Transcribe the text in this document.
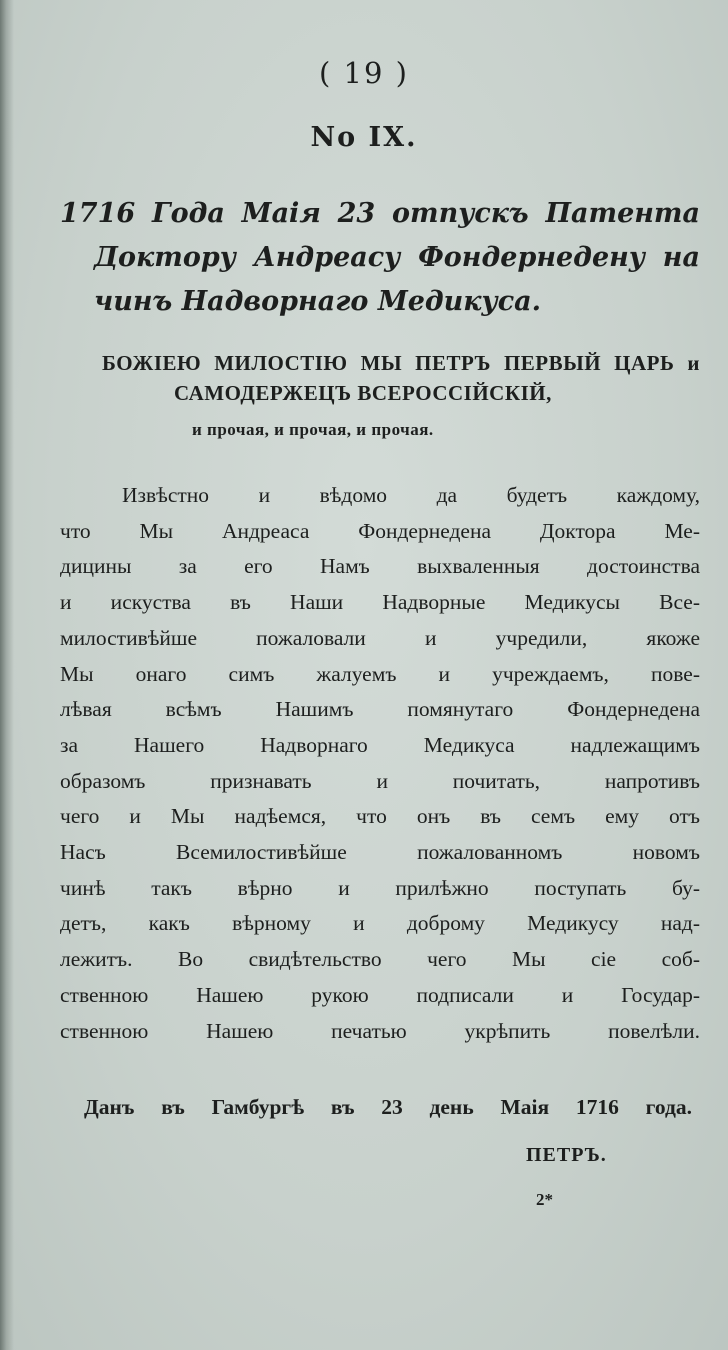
( 19 )
No IX.
1716 Года Маія 23 отпускъ Патента
Доктору Андреасу Фондернедену на
чинъ Надворнаго Медикуса.
БОЖІЕЮ МИЛОСТІЮ МЫ ПЕТРЪ ПЕРВЫЙ ЦАРЬ и
САМОДЕРЖЕЦЪ ВСЕРОССІЙСКІЙ,
и прочая, и прочая, и прочая.
Извѣстно и вѣдомо да будетъ каждому,
что Мы Андреаса Фондернедена Доктора Ме-
дицины за его Намъ выхваленныя достоинства
и искуства въ Наши Надворные Медикусы Все-
милостивѣйше пожаловали и учредили, якоже
Мы онаго симъ жалуемъ и учреждаемъ, пове-
лѣвая всѣмъ Нашимъ помянутаго Фондернедена
за Нашего Надворнаго Медикуса надлежащимъ
образомъ признавать и почитать, напротивъ
чего и Мы надѣемся, что онъ въ семъ ему отъ
Насъ Всемилостивѣйше пожалованномъ новомъ
чинѣ такъ вѣрно и прилѣжно поступать бу-
детъ, какъ вѣрному и доброму Медикусу над-
лежитъ. Во свидѣтельство чего Мы сіе соб-
ственною Нашею рукою подписали и Государ-
ственною Нашею печатью укрѣпить повелѣли.
Данъ въ Гамбургѣ въ 23 день Маія 1716 года.
ПЕТРЪ.
2*
